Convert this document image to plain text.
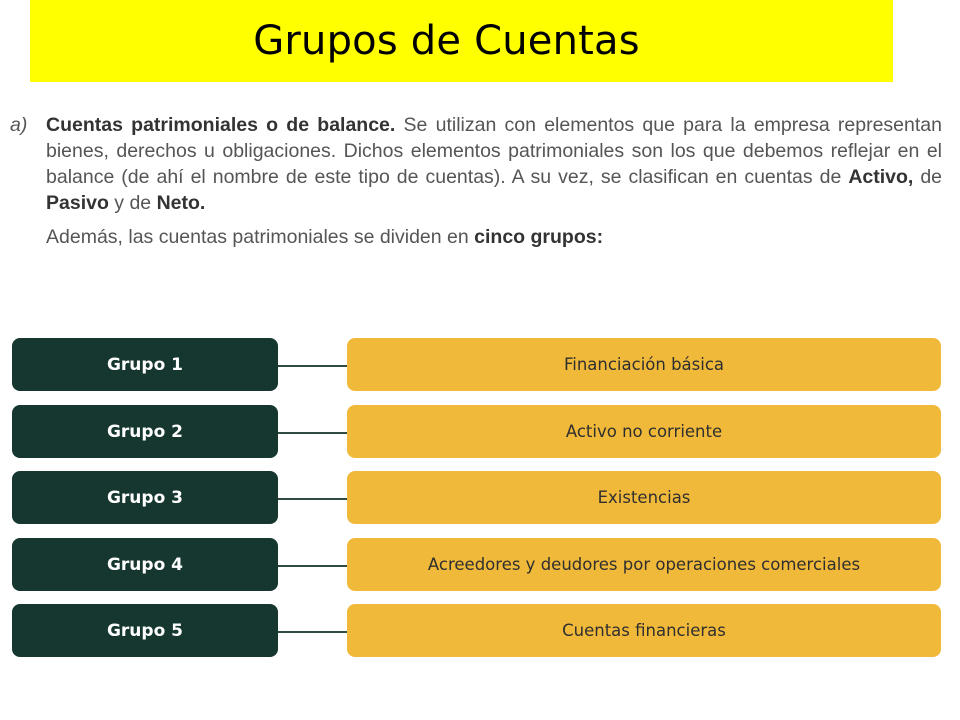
Grupos de Cuentas
a) Cuentas patrimoniales o de balance. Se utilizan con elementos que para la empresa representan bienes, derechos u obligaciones. Dichos elementos patrimoniales son los que debemos reflejar en el balance (de ahí el nombre de este tipo de cuentas). A su vez, se clasifican en cuentas de Activo, de Pasivo y de Neto.
Además, las cuentas patrimoniales se dividen en cinco grupos:
Grupo 1	Financiación básica
Grupo 2	Activo no corriente
Grupo 3	Existencias
Grupo 4	Acreedores y deudores por operaciones comerciales
Grupo 5	Cuentas financieras
